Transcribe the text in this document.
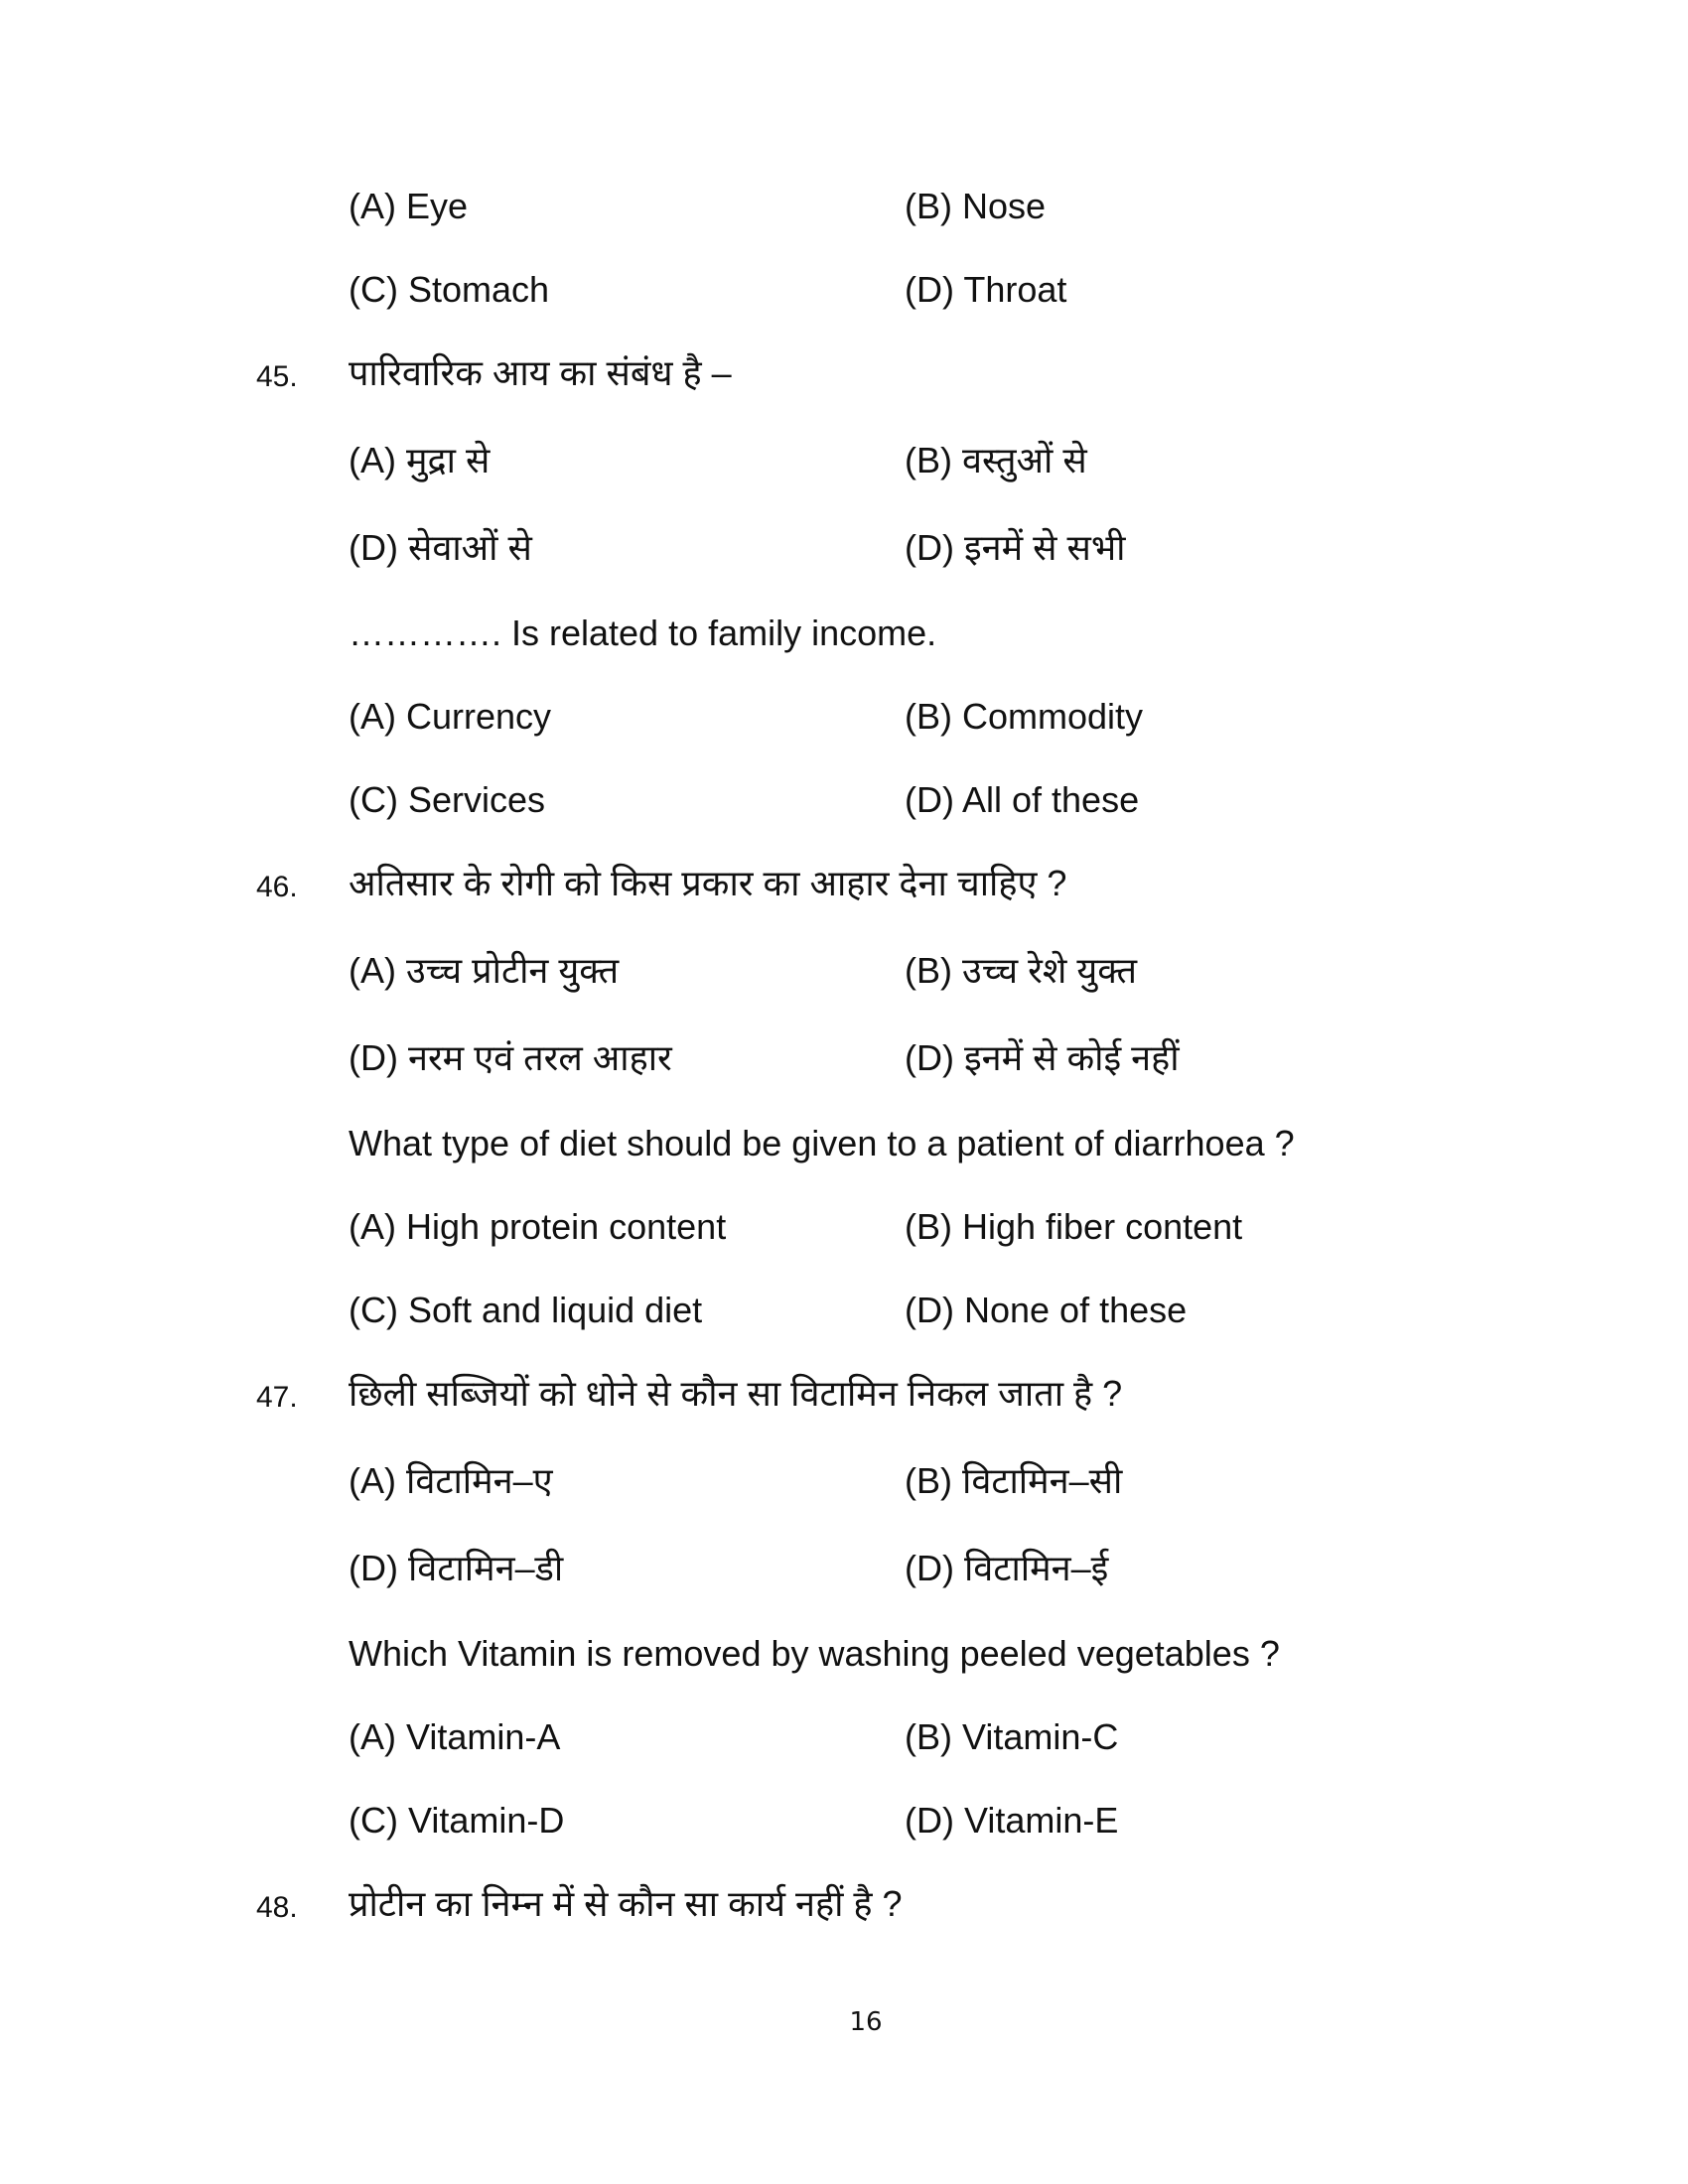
(A) Eye	(B) Nose
(C) Stomach	(D) Throat
45. पारिवारिक आय का संबंध है –
(A) मुद्रा से	(B) वस्तुओं से
(D) सेवाओं से	(D) इनमें से सभी
…………. Is related to family income.
(A) Currency	(B) Commodity
(C) Services	(D) All of these
46. अतिसार के रोगी को किस प्रकार का आहार देना चाहिए ?
(A) उच्च प्रोटीन युक्त	(B) उच्च रेशे युक्त
(D) नरम एवं तरल आहार	(D) इनमें से कोई नहीं
What type of diet should be given to a patient of diarrhoea ?
(A) High protein content	(B) High fiber content
(C) Soft and liquid diet	(D) None of these
47. छिली सब्जियों को धोने से कौन सा विटामिन निकल जाता है ?
(A) विटामिन–ए	(B) विटामिन–सी
(D) विटामिन–डी	(D) विटामिन–ई
Which Vitamin is removed by washing peeled vegetables ?
(A) Vitamin-A	(B) Vitamin-C
(C) Vitamin-D	(D) Vitamin-E
48. प्रोटीन का निम्न में से कौन सा कार्य नहीं है ?
16
